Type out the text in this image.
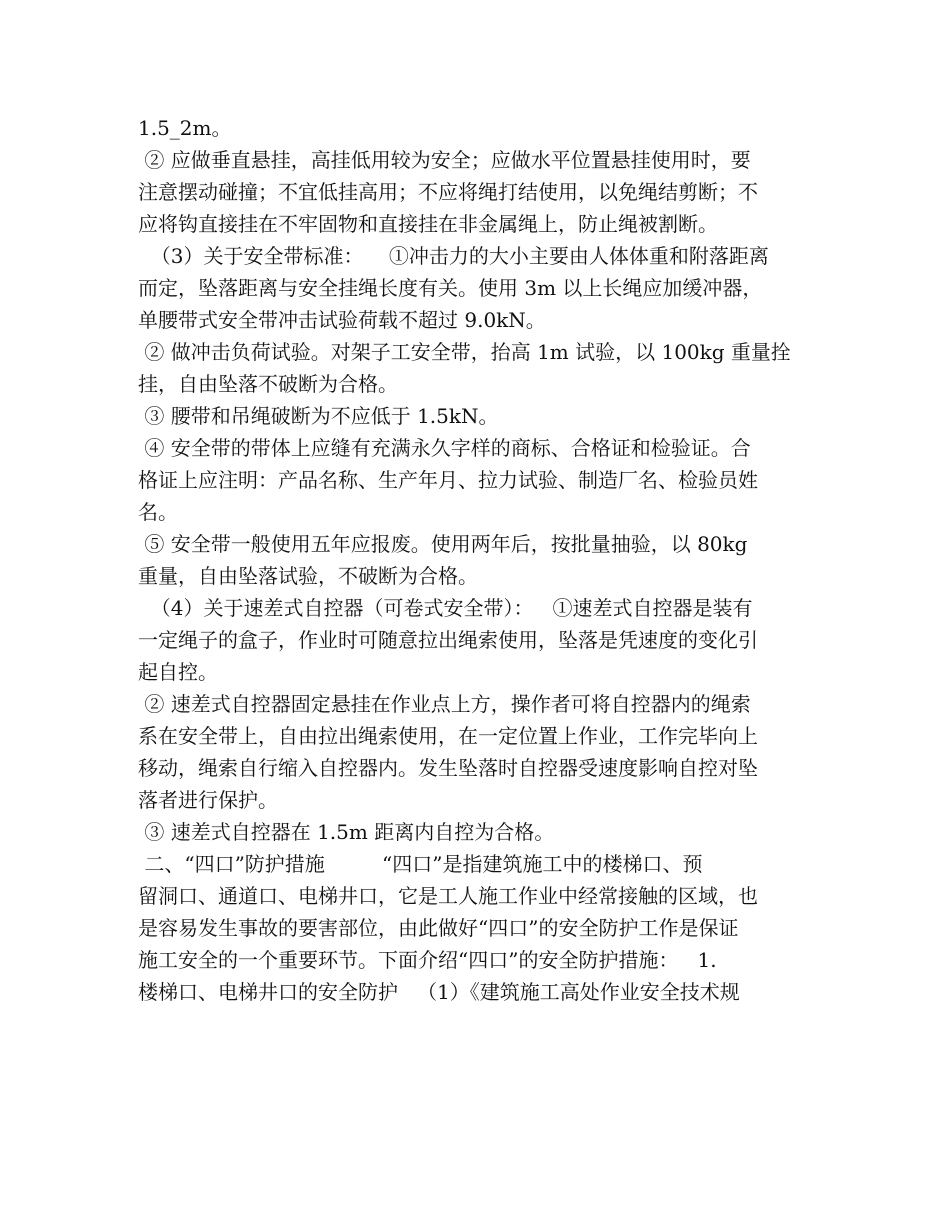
1.5_2m。
② 应做垂直悬挂，高挂低用较为安全；应做水平位置悬挂使用时，要
注意摆动碰撞；不宜低挂高用；不应将绳打结使用，以免绳结剪断；不
应将钩直接挂在不牢固物和直接挂在非金属绳上，防止绳被割断。
（3）关于安全带标准：    ①冲击力的大小主要由人体体重和附落距离
而定，坠落距离与安全挂绳长度有关。使用 3m 以上长绳应加缓冲器，
单腰带式安全带冲击试验荷载不超过 9.0kN。
② 做冲击负荷试验。对架子工安全带，抬高 1m 试验，以 100kg 重量拴
挂，自由坠落不破断为合格。
③ 腰带和吊绳破断为不应低于 1.5kN。
④ 安全带的带体上应缝有充满永久字样的商标、合格证和检验证。合
格证上应注明：产品名称、生产年月、拉力试验、制造厂名、检验员姓
名。
⑤ 安全带一般使用五年应报废。使用两年后，按批量抽验，以 80kg
重量，自由坠落试验，不破断为合格。
（4）关于速差式自控器（可卷式安全带）：   ①速差式自控器是装有
一定绳子的盒子，作业时可随意拉出绳索使用，坠落是凭速度的变化引
起自控。
② 速差式自控器固定悬挂在作业点上方，操作者可将自控器内的绳索
系在安全带上，自由拉出绳索使用，在一定位置上作业，工作完毕向上
移动，绳索自行缩入自控器内。发生坠落时自控器受速度影响自控对坠
落者进行保护。
③ 速差式自控器在 1.5m 距离内自控为合格。
二、“四口”防护措施         “四口”是指建筑施工中的楼梯口、预
留洞口、通道口、电梯井口，它是工人施工作业中经常接触的区域，也
是容易发生事故的要害部位，由此做好“四口”的安全防护工作是保证
施工安全的一个重要环节。下面介绍“四口”的安全防护措施：   1.
楼梯口、电梯井口的安全防护   （1）《建筑施工高处作业安全技术规
